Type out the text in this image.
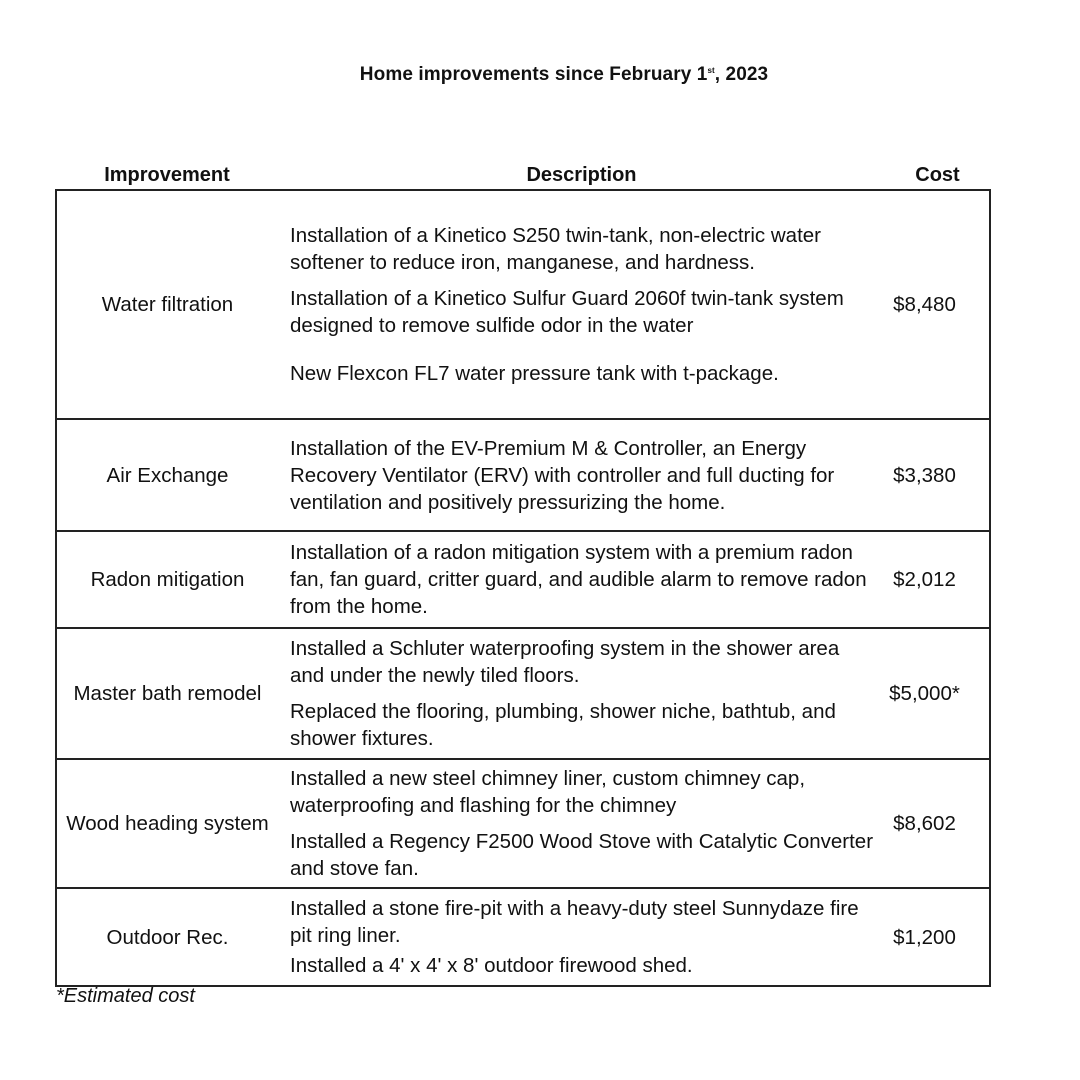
Home improvements since February 1st, 2023
Improvement	Description	Cost
Water filtration	Installation of a Kinetico S250 twin-tank, non-electric water softener to reduce iron, manganese, and hardness.

Installation of a Kinetico Sulfur Guard 2060f twin-tank system designed to remove sulfide odor in the water

New Flexcon FL7 water pressure tank with t-package.	$8,480
Air Exchange	Installation of the EV-Premium M & Controller, an Energy Recovery Ventilator (ERV) with controller and full ducting for ventilation and positively pressurizing the home.	$3,380
Radon mitigation	Installation of a radon mitigation system with a premium radon fan, fan guard, critter guard, and audible alarm to remove radon from the home.	$2,012
Master bath remodel	Installed a Schluter waterproofing system in the shower area and under the newly tiled floors.

Replaced the flooring, plumbing, shower niche, bathtub, and shower fixtures.	$5,000*
Wood heading system	Installed a new steel chimney liner, custom chimney cap, waterproofing and flashing for the chimney

Installed a Regency F2500 Wood Stove with Catalytic Converter and stove fan.	$8,602
Outdoor Rec.	Installed a stone fire-pit with a heavy-duty steel Sunnydaze fire pit ring liner.

Installed a 4' x 4' x 8' outdoor firewood shed.	$1,200
*Estimated cost
